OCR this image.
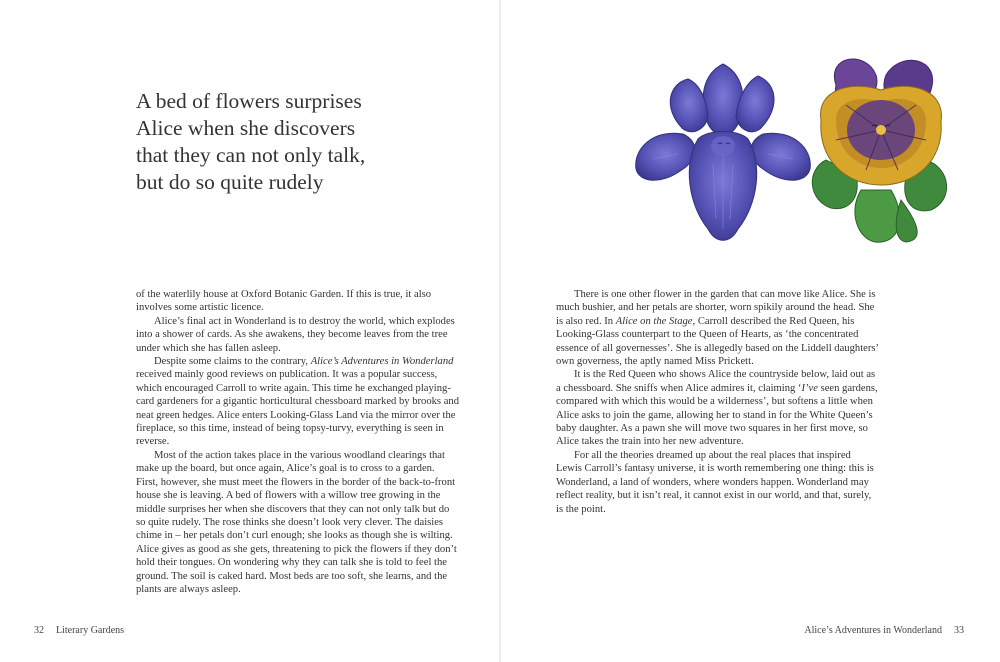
A bed of flowers surprises
Alice when she discovers
that they can not only talk,
but do so quite rudely

of the waterlily house at Oxford Botanic Garden. If this is true, it also involves some artistic licence.

Alice’s final act in Wonderland is to destroy the world, which explodes into a shower of cards. As she awakens, they become leaves from the tree under which she has fallen asleep.

Despite some claims to the contrary, Alice’s Adventures in Wonderland received mainly good reviews on publication. It was a popular success, which encouraged Carroll to write again. This time he exchanged playing-card gardeners for a gigantic horticultural chessboard marked by brooks and neat green hedges. Alice enters Looking-Glass Land via the mirror over the fireplace, so this time, instead of being topsy-turvy, everything is seen in reverse.

Most of the action takes place in the various woodland clearings that make up the board, but once again, Alice’s goal is to cross to a garden. First, however, she must meet the flowers in the border of the back-to-front house she is leaving. A bed of flowers with a willow tree growing in the middle surprises her when she discovers that they can not only talk but do so quite rudely. The rose thinks she doesn’t look very clever. The daisies chime in – her petals don’t curl enough; she looks as though she is wilting. Alice gives as good as she gets, threatening to pick the flowers if they don’t hold their tongues. On wondering why they can talk she is told to feel the ground. The soil is caked hard. Most beds are too soft, she learns, and the plants are always asleep.

There is one other flower in the garden that can move like Alice. She is much bushier, and her petals are shorter, worn spikily around the head. She is also red. In Alice on the Stage, Carroll described the Red Queen, his Looking-Glass counterpart to the Queen of Hearts, as ‘the concentrated essence of all governesses’. She is allegedly based on the Liddell daughters’ own governess, the aptly named Miss Prickett.

It is the Red Queen who shows Alice the countryside below, laid out as a chessboard. She sniffs when Alice admires it, claiming ‘I’ve seen gardens, compared with which this would be a wilderness’, but softens a little when Alice asks to join the game, allowing her to stand in for the White Queen’s baby daughter. As a pawn she will move two squares in her first move, so Alice takes the train into her new adventure.

For all the theories dreamed up about the real places that inspired Lewis Carroll’s fantasy universe, it is worth remembering one thing: this is Wonderland, a land of wonders, where wonders happen. Wonderland may reflect reality, but it isn’t real, it cannot exist in our world, and that, surely, is the point.

32 Literary Gardens	Alice’s Adventures in Wonderland 33
